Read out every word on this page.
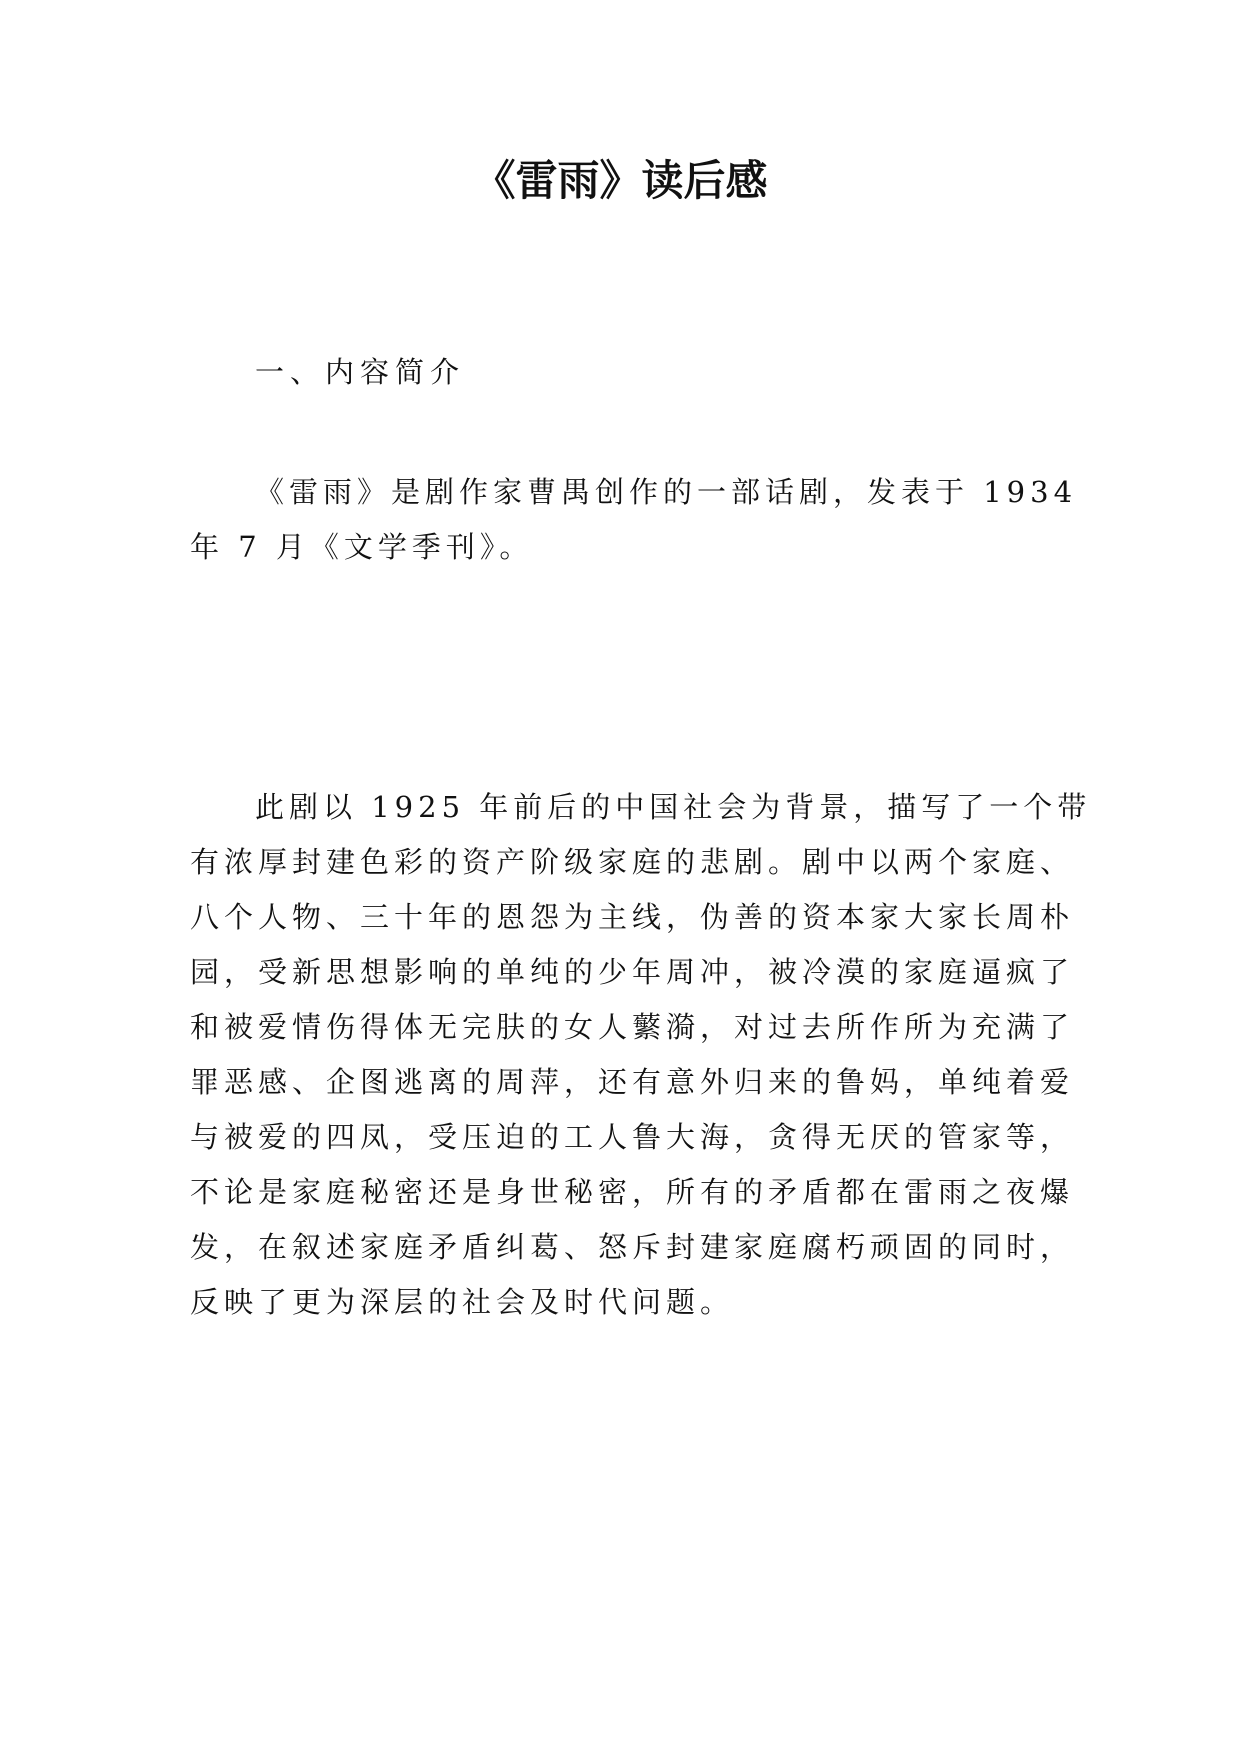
《雷雨》读后感

一、内容简介

《雷雨》是剧作家曹禺创作的一部话剧，发表于 1934

年 7 月《文学季刊》。

此剧以 1925 年前后的中国社会为背景，描写了一个带

有浓厚封建色彩的资产阶级家庭的悲剧。剧中以两个家庭、

八个人物、三十年的恩怨为主线，伪善的资本家大家长周朴

园，受新思想影响的单纯的少年周冲，被冷漠的家庭逼疯了

和被爱情伤得体无完肤的女人蘩漪，对过去所作所为充满了

罪恶感、企图逃离的周萍，还有意外归来的鲁妈，单纯着爱

与被爱的四凤，受压迫的工人鲁大海，贪得无厌的管家等，

不论是家庭秘密还是身世秘密，所有的矛盾都在雷雨之夜爆

发，在叙述家庭矛盾纠葛、怒斥封建家庭腐朽顽固的同时，

反映了更为深层的社会及时代问题。
